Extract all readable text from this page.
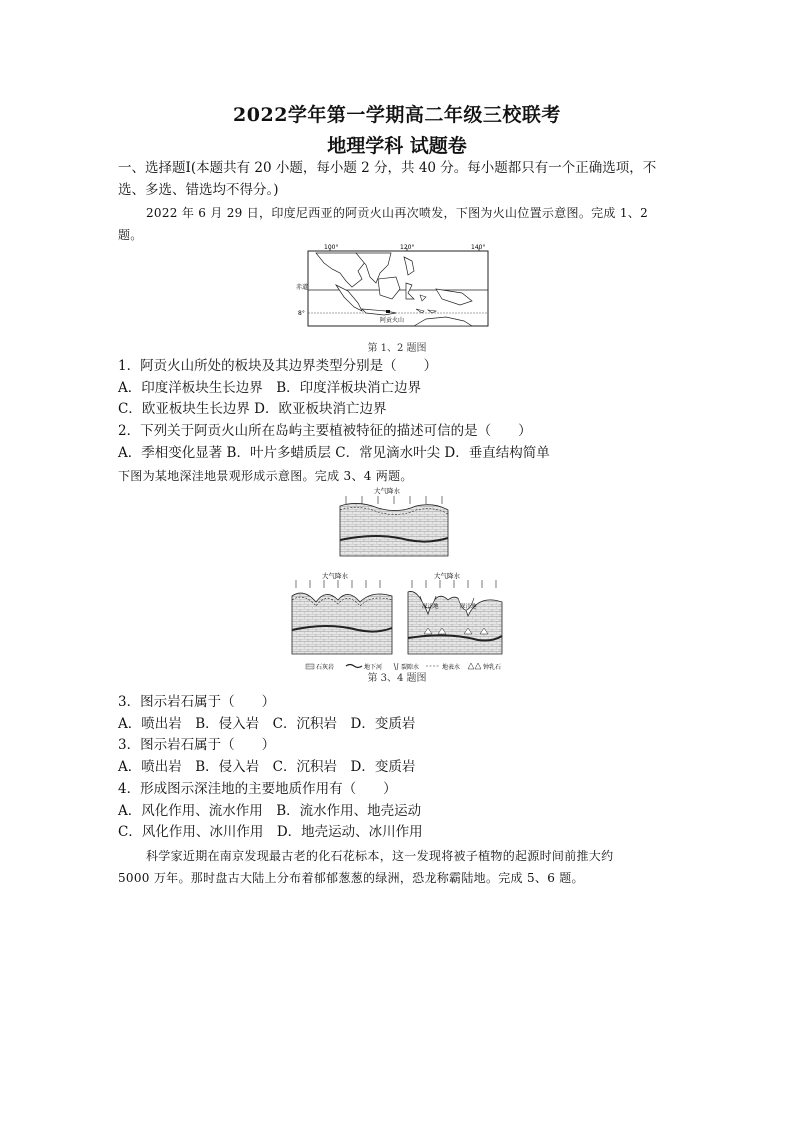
2022学年第一学期高二年级三校联考
地理学科 试题卷
一、选择题Ⅰ(本题共有 20 小题，每小题 2 分，共 40 分。每小题都只有一个正确选项，不
选、多选、错选均不得分。)
2022 年 6 月 29 日，印度尼西亚的阿贡火山再次喷发，下图为火山位置示意图。完成 1、2
题。
100°	120°	140°
赤道
8°
阿贡火山
第 1、2 题图
1．阿贡火山所处的板块及其边界类型分别是（　　）
A．印度洋板块生长边界　B．印度洋板块消亡边界
C．欧亚板块生长边界 D．欧亚板块消亡边界
2．下列关于阿贡火山所在岛屿主要植被特征的描述可信的是（　　）
A．季相变化显著 B．叶片多蜡质层 C．常见滴水叶尖 D．垂直结构简单
下图为某地深洼地景观形成示意图。完成 3、4 两题。
大气降水
大气降水	大气降水
深洼地	深洼地
石灰岩	地下河	裂隙水	地表水	钟乳石
第 3、4 题图
3．图示岩石属于（　　）
A．喷出岩　B．侵入岩　C．沉积岩　D．变质岩
3．图示岩石属于（　　）
A．喷出岩　B．侵入岩　C．沉积岩　D．变质岩
4．形成图示深洼地的主要地质作用有（　　）
A．风化作用、流水作用　B．流水作用、地壳运动
C．风化作用、冰川作用　D．地壳运动、冰川作用
科学家近期在南京发现最古老的化石花标本，这一发现将被子植物的起源时间前推大约
5000 万年。那时盘古大陆上分布着郁郁葱葱的绿洲，恐龙称霸陆地。完成 5、6 题。
